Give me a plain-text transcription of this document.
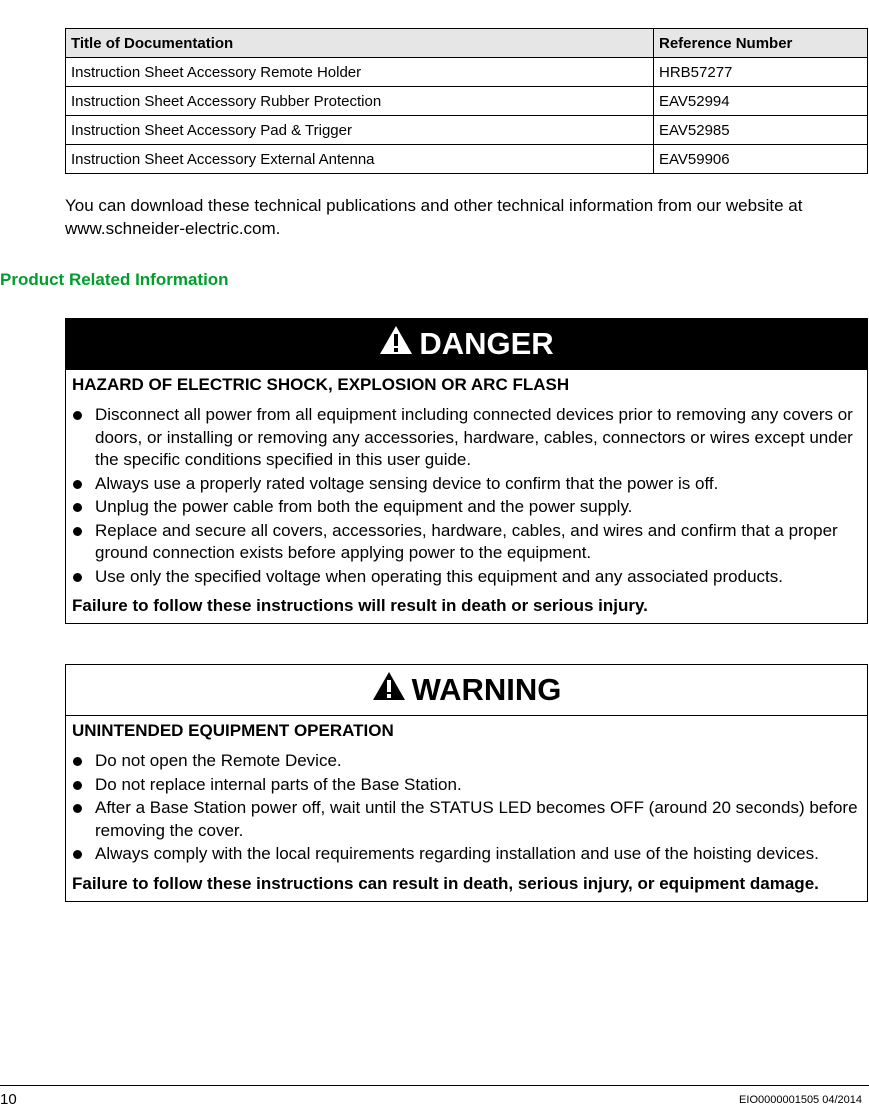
Title of Documentation	Reference Number
Instruction Sheet Accessory Remote Holder	HRB57277
Instruction Sheet Accessory Rubber Protection	EAV52994
Instruction Sheet Accessory Pad & Trigger	EAV52985
Instruction Sheet Accessory External Antenna	EAV59906

You can download these technical publications and other technical information from our website at www.schneider-electric.com.

Product Related Information
DANGER

HAZARD OF ELECTRIC SHOCK, EXPLOSION OR ARC FLASH

Disconnect all power from all equipment including connected devices prior to removing any covers or doors, or installing or removing any accessories, hardware, cables, connectors or wires except under the specific conditions specified in this user guide.
Always use a properly rated voltage sensing device to confirm that the power is off.
Unplug the power cable from both the equipment and the power supply.
Replace and secure all covers, accessories, hardware, cables, and wires and confirm that a proper ground connection exists before applying power to the equipment.
Use only the specified voltage when operating this equipment and any associated products.

Failure to follow these instructions will result in death or serious injury.

WARNING

UNINTENDED EQUIPMENT OPERATION

Do not open the Remote Device.
Do not replace internal parts of the Base Station.
After a Base Station power off, wait until the STATUS LED becomes OFF (around 20 seconds) before removing the cover.
Always comply with the local requirements regarding installation and use of the hoisting devices.

Failure to follow these instructions can result in death, serious injury, or equipment damage.

10	EIO0000001505 04/2014
